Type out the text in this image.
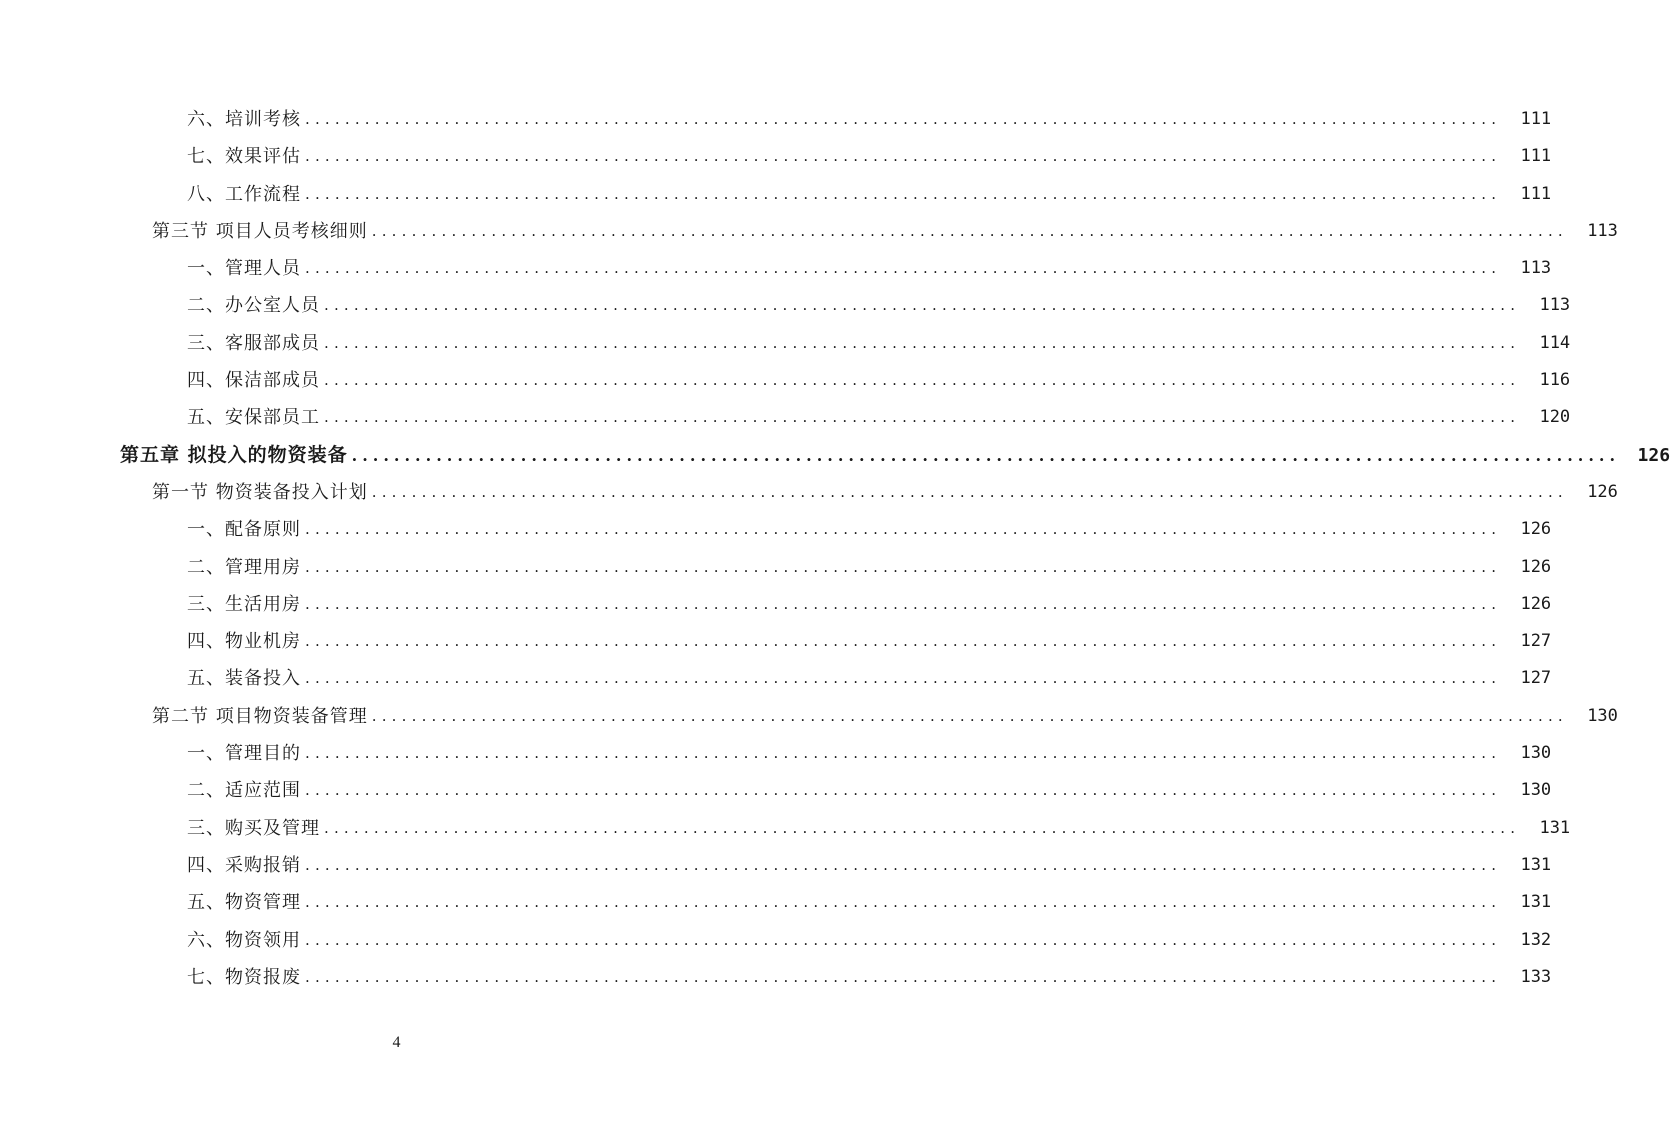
六、培训考核 ........................................................................................................................	111
七、效果评估 ........................................................................................................................	111
八、工作流程 ........................................................................................................................	111
第三节 项目人员考核细则 ........................................................................................................................	113
一、管理人员 ........................................................................................................................	113
二、办公室人员 ........................................................................................................................	113
三、客服部成员 ........................................................................................................................	114
四、保洁部成员 ........................................................................................................................	116
五、安保部员工 ........................................................................................................................	120
第五章 拟投入的物资装备 ........................................................................................................................ 126
第一节 物资装备投入计划 ........................................................................................................................	126
一、配备原则 ........................................................................................................................	126
二、管理用房 ........................................................................................................................	126
三、生活用房 ........................................................................................................................	126
四、物业机房 ........................................................................................................................	127
五、装备投入 ........................................................................................................................	127
第二节 项目物资装备管理 ........................................................................................................................	130
一、管理目的 ........................................................................................................................	130
二、适应范围 ........................................................................................................................	130
三、购买及管理 ........................................................................................................................	131
四、采购报销 ........................................................................................................................	131
五、物资管理 ........................................................................................................................	131
六、物资领用 ........................................................................................................................	132
七、物资报废 ........................................................................................................................	133
4
